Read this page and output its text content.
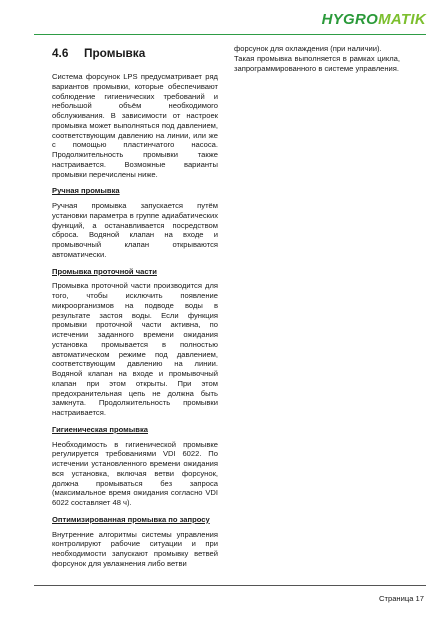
HYGROMATIK
4.6	Промывка

Система форсунок LPS предусматривает ряд вариантов промывки, которые обеспечивают соблюдение гигиенических требований и небольшой объём необходимого обслуживания. В зависимости от настроек промывка может выполняться под давлением, соответствующим давлению на линии, или же с помощью пластинчатого насоса. Продолжительность промывки также настраивается. Возможные варианты промывки перечислены ниже.

Ручная промывка

Ручная промывка запускается путём установки параметра в группе адиабатических функций, а останавливается посредством сброса. Водяной клапан на входе и промывочный клапан открываются автоматически.

Промывка проточной части

Промывка проточной части производится для того, чтобы исключить появление микроорганизмов на подводе воды в результате застоя воды. Если функция промывки проточной части активна, по истечении заданного времени ожидания установка промывается в полностью автоматическом режиме под давлением, соответствующим давлению на линии. Водяной клапан на входе и промывочный клапан при этом открыты. При этом предохранительная цепь не должна быть замкнута. Продолжительность промывки настраивается.

Гигиеническая промывка

Необходимость в гигиенической промывке регулируется требованиями VDI 6022. По истечении установленного времени ожидания вся установка, включая ветви форсунок, должна промываться без запроса (максимальное время ожидания согласно VDI 6022 составляет 48 ч).

Оптимизированная промывка по запросу

Внутренние алгоритмы системы управления контролируют рабочие ситуации и при необходимости запускают промывку ветвей форсунок для увлажнения либо ветви

форсунок для охлаждения (при наличии).

Такая промывка выполняется в рамках цикла, запрограммированного в системе управления.

Страница 17
